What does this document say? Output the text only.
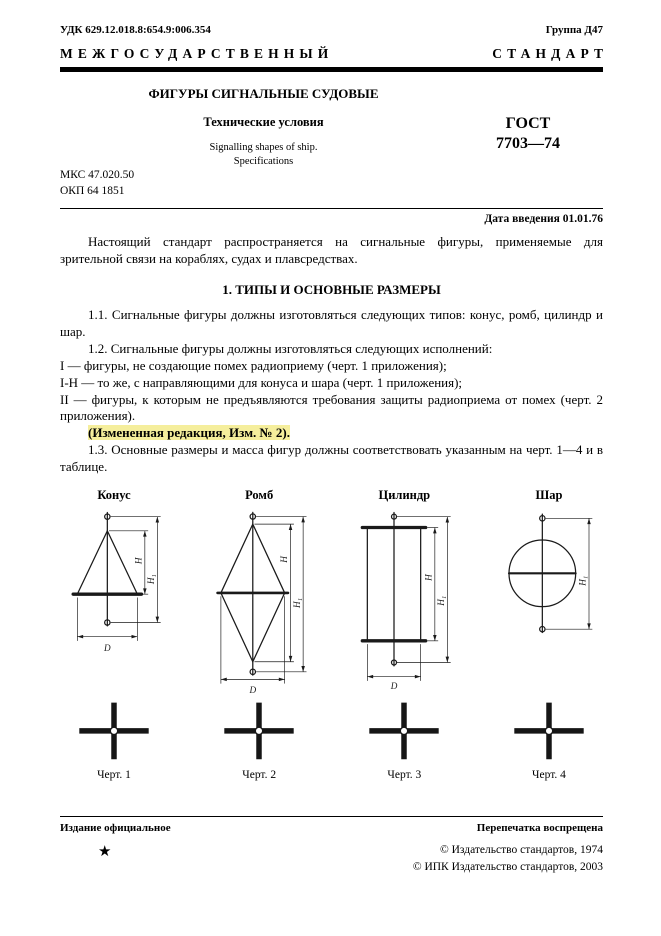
УДК 629.12.018.8:654.9:006.354	Группа Д47
МЕЖГОСУДАРСТВЕННЫЙ	СТАНДАРТ
ФИГУРЫ СИГНАЛЬНЫЕ СУДОВЫЕ
Технические условия
Signalling shapes of ship.
Specifications
ГОСТ
7703—74
МКС 47.020.50
ОКП 64 1851
Дата введения 01.01.76

Настоящий стандарт распространяется на сигнальные фигуры, применяемые для зрительной связи на кораблях, судах и плавсредствах.

1. ТИПЫ И ОСНОВНЫЕ РАЗМЕРЫ

1.1. Сигнальные фигуры должны изготовляться следующих типов: конус, ромб, цилиндр и шар.

1.2. Сигнальные фигуры должны изготовляться следующих исполнений:

I — фигуры, не создающие помех радиоприему (черт. 1 приложения);

I-Н — то же, с направляющими для конуса и шара (черт. 1 приложения);

II — фигуры, к которым не предъявляются требования защиты радиоприема от помех (черт. 2 приложения).

(Измененная редакция, Изм. № 2).

1.3. Основные размеры и масса фигур должны соответствовать указанным на черт. 1—4 и в таблице.

Конус
H
H₁
D
Черт. 1
Ромб
H
H₁
D
Черт. 2
Цилиндр
H
H₁
D
Черт. 3
Шар
H₁
Черт. 4
Издание официальное	Перепечатка воспрещена
★	© Издательство стандартов, 1974
© ИПК Издательство стандартов, 2003
